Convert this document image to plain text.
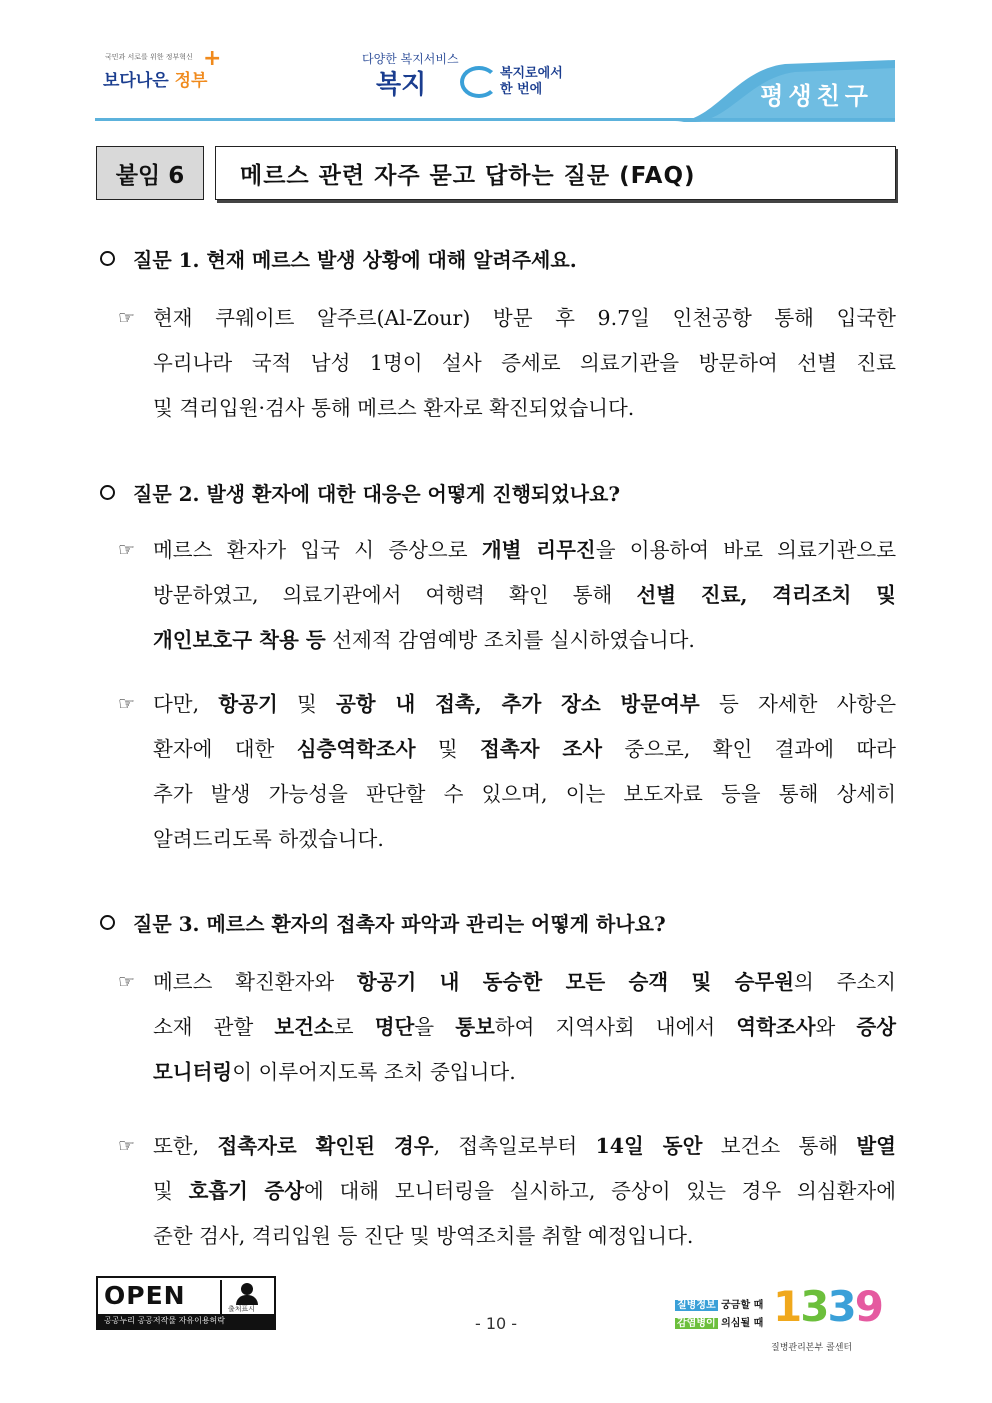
국민과 서로를 위한 정부혁신
보다나은 정부
+	다양한 복지서비스
복지	복지로에서
한 번에	평생친구
붙임 6	메르스 관련 자주 묻고 답하는 질문 (FAQ)
질문 1. 현재 메르스 발생 상황에 대해 알려주세요.
☞ 현재 쿠웨이트 알주르(Al-Zour) 방문 후 9.7일 인천공항 통해 입국한
우리나라 국적 남성 1명이 설사 증세로 의료기관을 방문하여 선별 진료
및 격리입원·검사 통해 메르스 환자로 확진되었습니다.
질문 2. 발생 환자에 대한 대응은 어떻게 진행되었나요?
☞ 메르스 환자가 입국 시 증상으로 개별 리무진을 이용하여 바로 의료기관으로
방문하였고, 의료기관에서 여행력 확인 통해 선별 진료, 격리조치 및
개인보호구 착용 등 선제적 감염예방 조치를 실시하였습니다.
☞ 다만, 항공기 및 공항 내 접촉, 추가 장소 방문여부 등 자세한 사항은
환자에 대한 심층역학조사 및 접촉자 조사 중으로, 확인 결과에 따라
추가 발생 가능성을 판단할 수 있으며, 이는 보도자료 등을 통해 상세히
알려드리도록 하겠습니다.
질문 3. 메르스 환자의 접촉자 파악과 관리는 어떻게 하나요?
☞ 메르스 확진환자와 항공기 내 동승한 모든 승객 및 승무원의 주소지
소재 관할 보건소로 명단을 통보하여 지역사회 내에서 역학조사와 증상
모니터링이 이루어지도록 조치 중입니다.
☞ 또한, 접촉자로 확인된 경우, 접촉일로부터 14일 동안 보건소 통해 발열
및 호흡기 증상에 대해 모니터링을 실시하고, 증상이 있는 경우 의심환자에
준한 검사, 격리입원 등 진단 및 방역조치를 취할 예정입니다.
OPEN	출처표시
공공누리 공공저작물 자유이용허락	- 10 -
질병정보 궁금할 때
감염병이 의심될 때 1339
질병관리본부 콜센터
